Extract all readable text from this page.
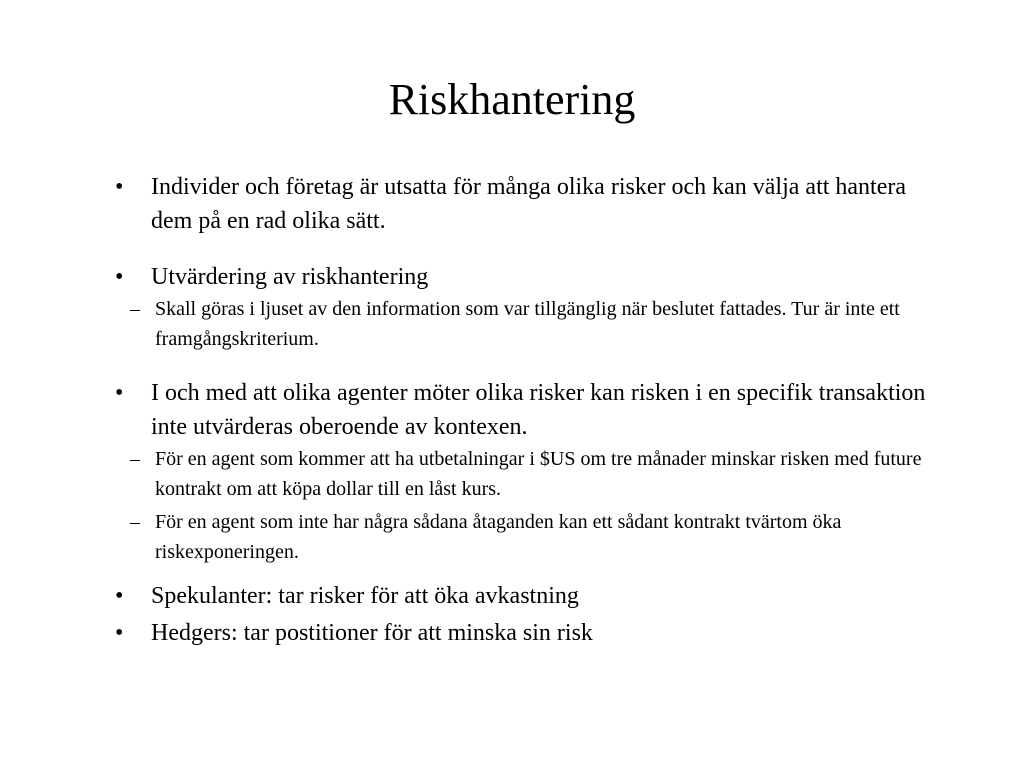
Riskhantering
• Individer och företag är utsatta för många olika risker och kan välja att hantera dem på en rad olika sätt.
• Utvärdering av riskhantering
– Skall göras i ljuset av den information som var tillgänglig när beslutet fattades. Tur är inte ett framgångskriterium.
• I och med att olika agenter möter olika risker kan risken i en specifik transaktion inte utvärderas oberoende av kontexen.
– För en agent som kommer att ha utbetalningar i $US om tre månader minskar risken med future kontrakt om att köpa dollar till en låst kurs.
– För en agent som inte har några sådana åtaganden kan ett sådant kontrakt tvärtom öka riskexponeringen.
• Spekulanter: tar risker för att öka avkastning
• Hedgers: tar postitioner för att minska sin risk
